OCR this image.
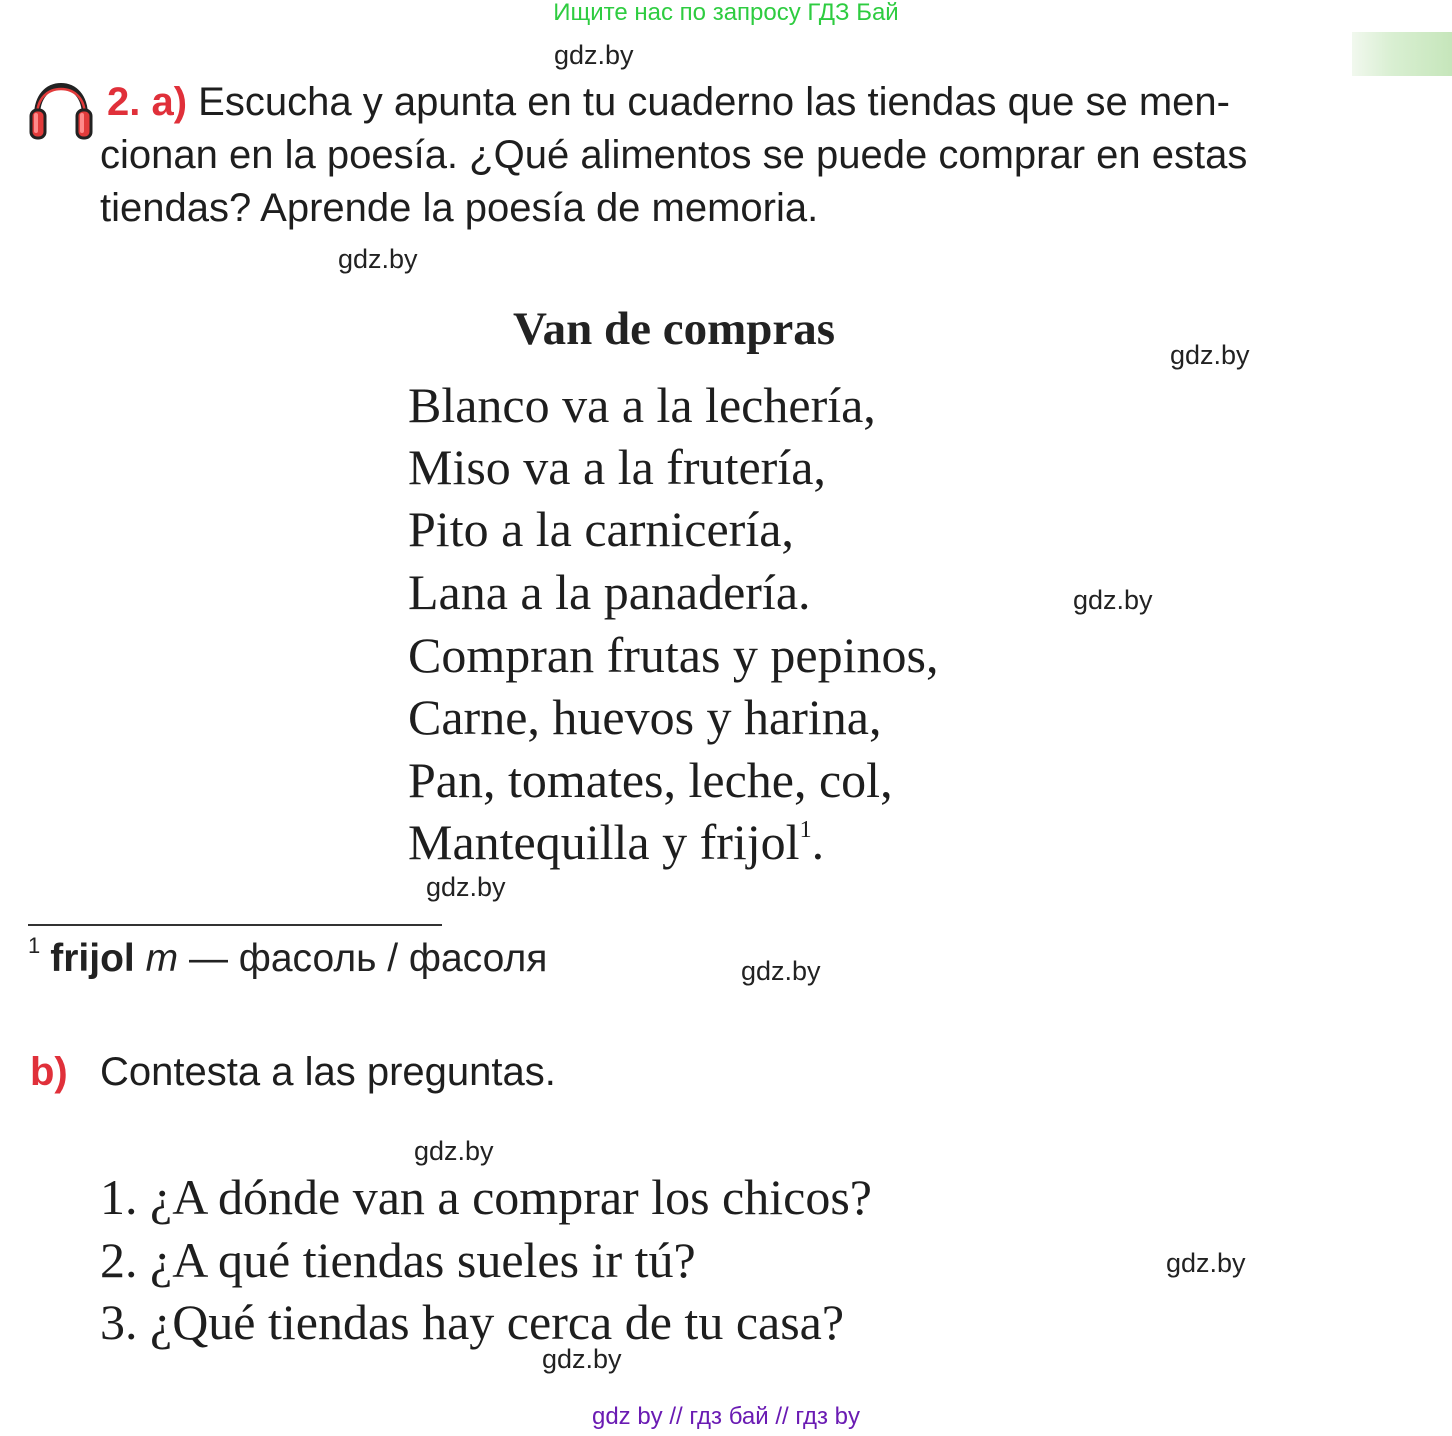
Ищите нас по запросу ГДЗ Бай
gdz.by
2. a) Escucha y apunta en tu cuaderno las tiendas que se men-
cionan en la poesía. ¿Qué alimentos se puede comprar en estas
tiendas? Aprende la poesía de memoria.
gdz.by
Van de compras	gdz.by
Blanco va a la lechería,
Miso va a la frutería,
Pito a la carnicería,
Lana a la panadería.	gdz.by
Compran frutas y pepinos,
Carne, huevos y harina,
Pan, tomates, leche, col,
Mantequilla y frijol$^1$.
gdz.by
$^1$ frijol m — фасоль / фасоля	gdz.by
b) Contesta a las preguntas.
gdz.by
1. ¿A dónde van a comprar los chicos?
2. ¿A qué tiendas sueles ir tú?	gdz.by
3. ¿Qué tiendas hay cerca de tu casa?
gdz.by
gdz by // гдз бай // гдз by
